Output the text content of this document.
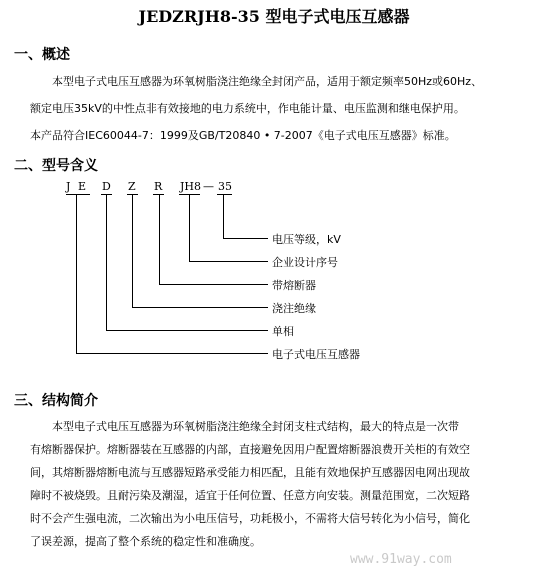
JEDZRJH8-35 型电子式电压互感器
一、概述
本型电子式电压互感器为环氧树脂浇注绝缘全封闭产品，适用于额定频率50Hz或60Hz、
额定电压35kV的中性点非有效接地的电力系统中，作电能计量、电压监测和继电保护用。
本产品符合IEC60044-7：1999及GB/T20840 • 7-2007《电子式电压互感器》标准。
二、型号含义
J E D Z R JH8 — 35
电压等级，kV
企业设计序号
带熔断器
浇注绝缘
单相
电子式电压互感器
三、结构简介
本型电子式电压互感器为环氧树脂浇注绝缘全封闭支柱式结构，最大的特点是一次带
有熔断器保护。熔断器装在互感器的内部，直接避免因用户配置熔断器浪费开关柜的有效空
间，其熔断器熔断电流与互感器短路承受能力相匹配，且能有效地保护互感器因电网出现故
障时不被烧毁。且耐污染及潮湿，适宜于任何位置、任意方向安装。测量范围宽，二次短路
时不会产生强电流，二次输出为小电压信号，功耗极小，不需将大信号转化为小信号，简化
了误差源，提高了整个系统的稳定性和准确度。
www.91way.com
